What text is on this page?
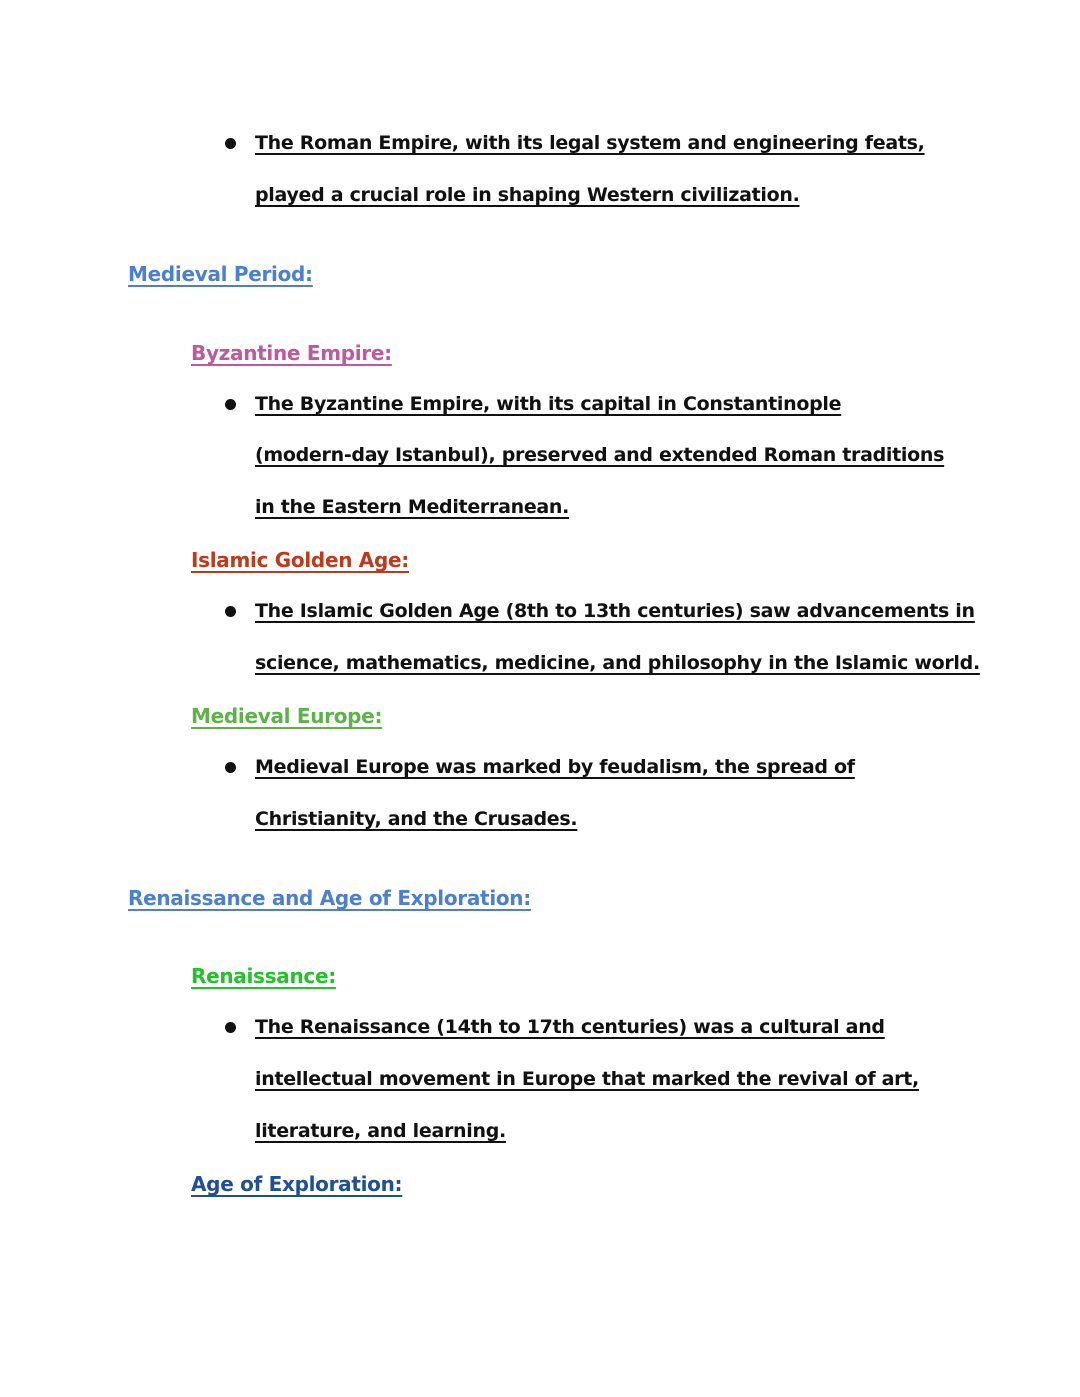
The Roman Empire, with its legal system and engineering feats,
played a crucial role in shaping Western civilization.
Medieval Period:
Byzantine Empire:
The Byzantine Empire, with its capital in Constantinople
(modern-day Istanbul), preserved and extended Roman traditions
in the Eastern Mediterranean.
Islamic Golden Age:
The Islamic Golden Age (8th to 13th centuries) saw advancements in
science, mathematics, medicine, and philosophy in the Islamic world.
Medieval Europe:
Medieval Europe was marked by feudalism, the spread of
Christianity, and the Crusades.
Renaissance and Age of Exploration:
Renaissance:
The Renaissance (14th to 17th centuries) was a cultural and
intellectual movement in Europe that marked the revival of art,
literature, and learning.
Age of Exploration:
